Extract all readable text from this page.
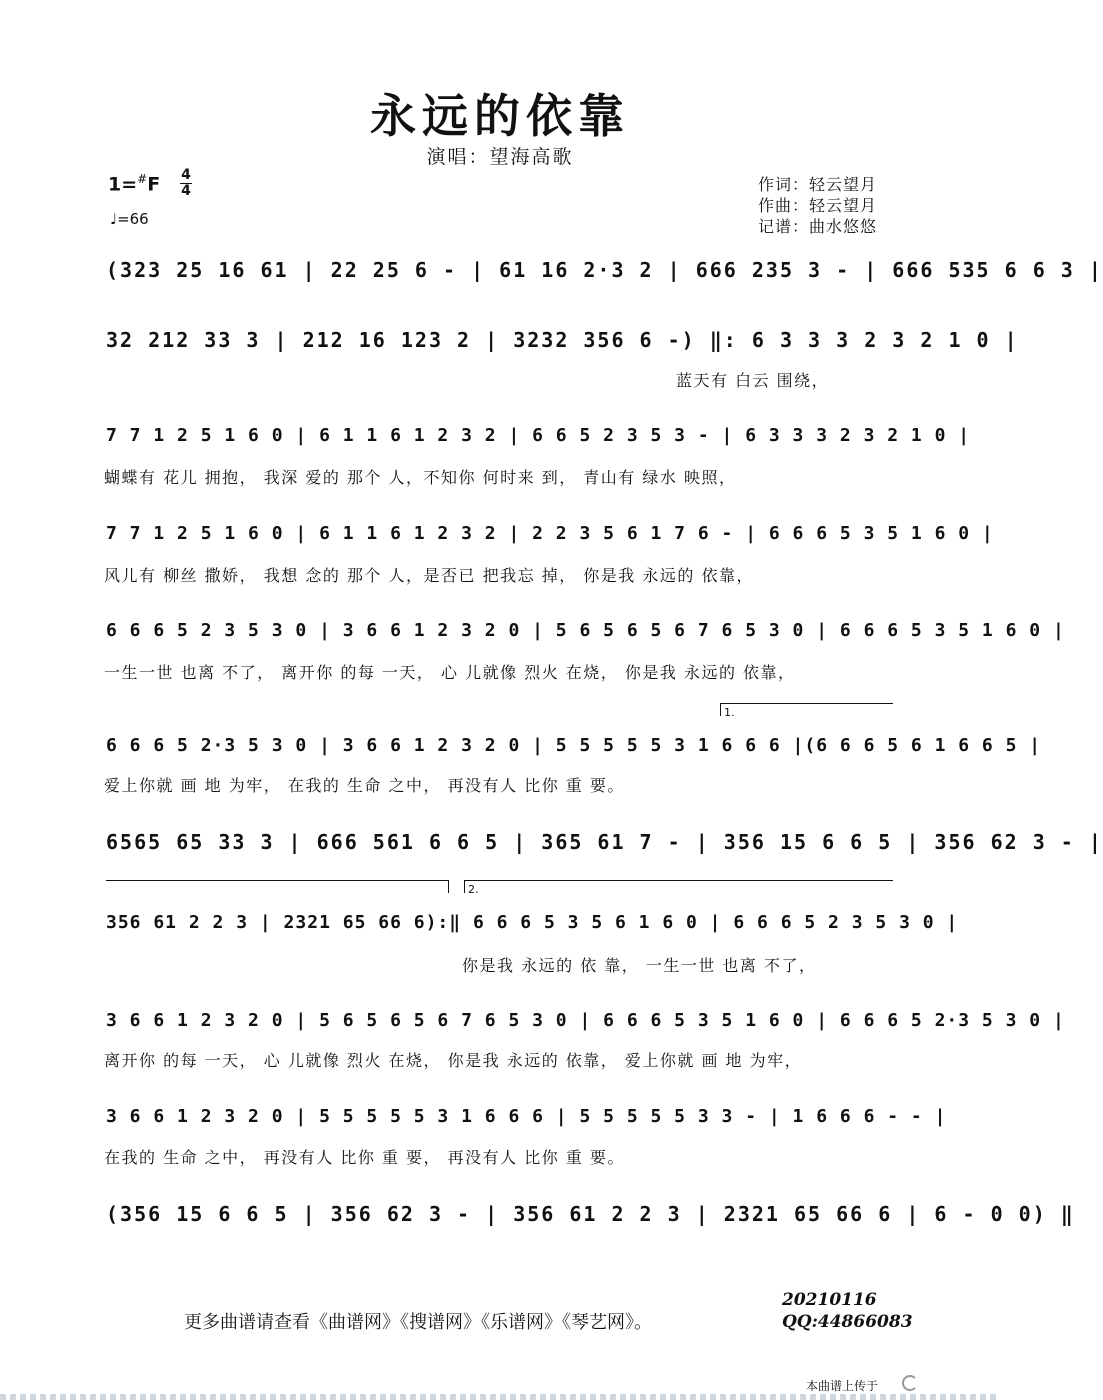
永远的依靠
演唱：望海高歌
1=#F 4
4
♩=66
作词：轻云望月
作曲：轻云望月
记谱：曲水悠悠
(323 25 16 61 | 22 25 6 - | 61 16 2·3 2 | 666 235 3 - | 666 535 6 6 3 |
32 212 33 3 | 212 16 123 2 | 3232 356 6 -) ‖: 6 3 3 3 2 3 2 1 0 |
蓝天有 白云 围绕，
7 7 1 2 5 1 6 0 | 6 1 1 6 1 2 3 2 | 6 6 5 2 3 5 3 - | 6 3 3 3 2 3 2 1 0 |
蝴蝶有 花儿 拥抱， 我深 爱的 那个 人，不知你 何时来 到， 青山有 绿水 映照，
7 7 1 2 5 1 6 0 | 6 1 1 6 1 2 3 2 | 2 2 3 5 6 1 7 6 - | 6 6 6 5 3 5 1 6 0 |
风儿有 柳丝 撒娇， 我想 念的 那个 人，是否已 把我忘 掉， 你是我 永远的 依靠，
6 6 6 5 2 3 5 3 0 | 3 6 6 1 2 3 2 0 | 5 6 5 6 5 6 7 6 5 3 0 | 6 6 6 5 3 5 1 6 0 |
一生一世 也离 不了， 离开你 的每 一天， 心 儿就像 烈火 在烧， 你是我 永远的 依靠，
1.
6 6 6 5 2·3 5 3 0 | 3 6 6 1 2 3 2 0 | 5 5 5 5 5 3 1 6 6 6 |(6 6 6 5 6 1 6 6 5 |
爱上你就 画 地 为牢， 在我的 生命 之中， 再没有人 比你 重 要。
6565 65 33 3 | 666 561 6 6 5 | 365 61 7 - | 356 15 6 6 5 | 356 62 3 - |
2.
356 61 2 2 3 | 2321 65 66 6):‖ 6 6 6 5 3 5 6 1 6 0 | 6 6 6 5 2 3 5 3 0 |
你是我 永远的 依 靠， 一生一世 也离 不了，
3 6 6 1 2 3 2 0 | 5 6 5 6 5 6 7 6 5 3 0 | 6 6 6 5 3 5 1 6 0 | 6 6 6 5 2·3 5 3 0 |
离开你 的每 一天， 心 儿就像 烈火 在烧， 你是我 永远的 依靠， 爱上你就 画 地 为牢，
3 6 6 1 2 3 2 0 | 5 5 5 5 5 3 1 6 6 6 | 5 5 5 5 5 3 3 - | 1 6 6 6 - - |
在我的 生命 之中， 再没有人 比你 重 要， 再没有人 比你 重 要。
(356 15 6 6 5 | 356 62 3 - | 356 61 2 2 3 | 2321 65 66 6 | 6 - 0 0) ‖
更多曲谱请查看《曲谱网》《搜谱网》《乐谱网》《琴艺网》。
20210116
QQ:44866083
本曲谱上传于
